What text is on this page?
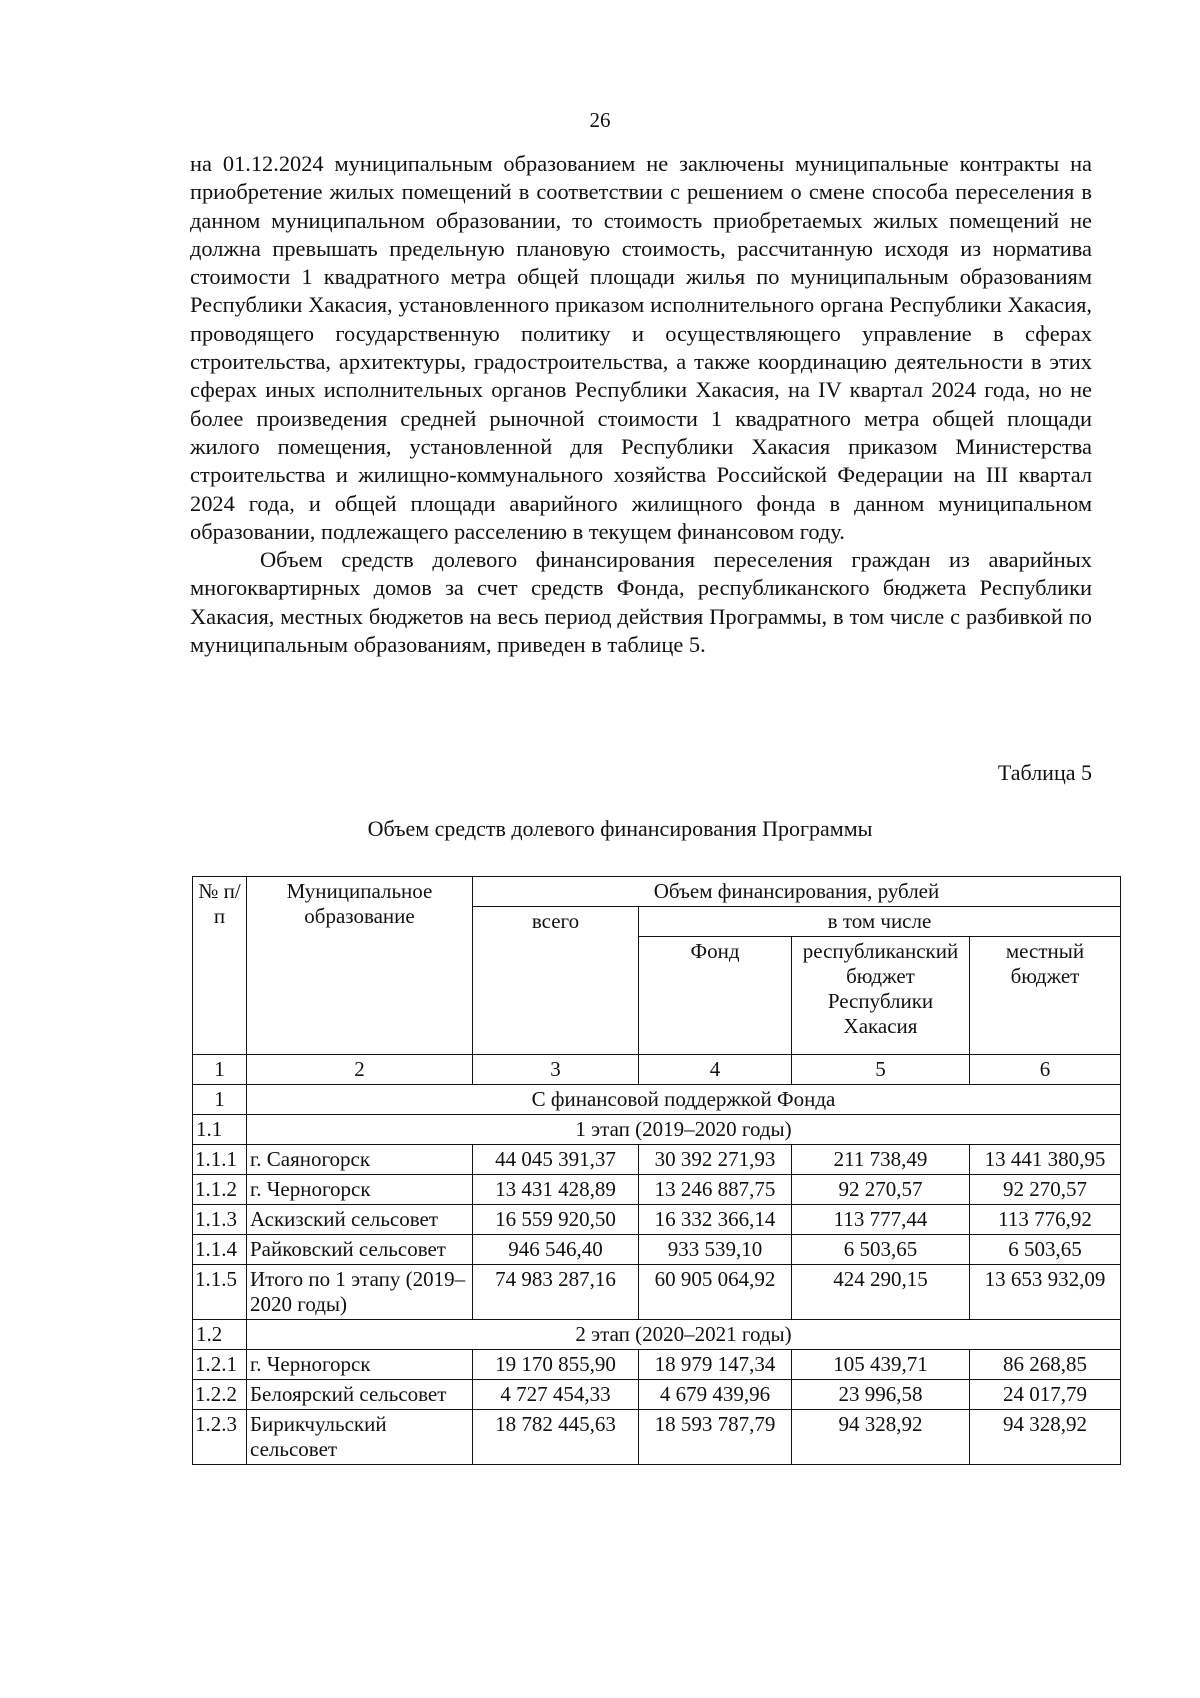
26

на 01.12.2024 муниципальным образованием не заключены муниципальные контракты на приобретение жилых помещений в соответствии с решением о смене способа переселения в данном муниципальном образовании, то стоимость приобретаемых жилых помещений не должна превышать предельную плановую стоимость, рассчитанную исходя из норматива стоимости 1 квадратного метра общей площади жилья по муниципальным образованиям Республики Хакасия, установленного приказом исполнительного органа Республики Хакасия, проводящего государственную политику и осуществляющего управление в сферах строительства, архитектуры, градостроительства, а также координацию деятельности в этих сферах иных исполнительных органов Республики Хакасия, на IV квартал 2024 года, но не более произведения средней рыночной стоимости 1 квадратного метра общей площади жилого помещения, установленной для Республики Хакасия приказом Министерства строительства и жилищно-коммунального хозяйства Российской Федерации на III квартал 2024 года, и общей площади аварийного жилищного фонда в данном муниципальном образовании, подлежащего расселению в текущем финансовом году.

Объем средств долевого финансирования переселения граждан из аварийных многоквартирных домов за счет средств Фонда, республиканского бюджета Республики Хакасия, местных бюджетов на весь период действия Программы, в том числе с разбивкой по муниципальным образованиям, приведен в таблице 5.

Таблица 5
Объем средств долевого финансирования Программы
№ п/п	Муниципальное образование	Объем финансирования, рублей			
		всего	в том числе		
			Фонд	республиканский бюджет Республики Хакасия	местный бюджет
1	2	3	4	5	6
1	С финансовой поддержкой Фонда				
1.1	1 этап (2019–2020 годы)				
1.1.1	г. Саяногорск	44 045 391,37	30 392 271,93	211 738,49	13 441 380,95
1.1.2	г. Черногорск	13 431 428,89	13 246 887,75	92 270,57	92 270,57
1.1.3	Аскизский сельсовет	16 559 920,50	16 332 366,14	113 777,44	113 776,92
1.1.4	Райковский сельсовет	946 546,40	933 539,10	6 503,65	6 503,65
1.1.5	Итого по 1 этапу (2019–2020 годы)	74 983 287,16	60 905 064,92	424 290,15	13 653 932,09
1.2	2 этап (2020–2021 годы)				
1.2.1	г. Черногорск	19 170 855,90	18 979 147,34	105 439,71	86 268,85
1.2.2	Белоярский сельсовет	4 727 454,33	4 679 439,96	23 996,58	24 017,79
1.2.3	Бирикчульский сельсовет	18 782 445,63	18 593 787,79	94 328,92	94 328,92
